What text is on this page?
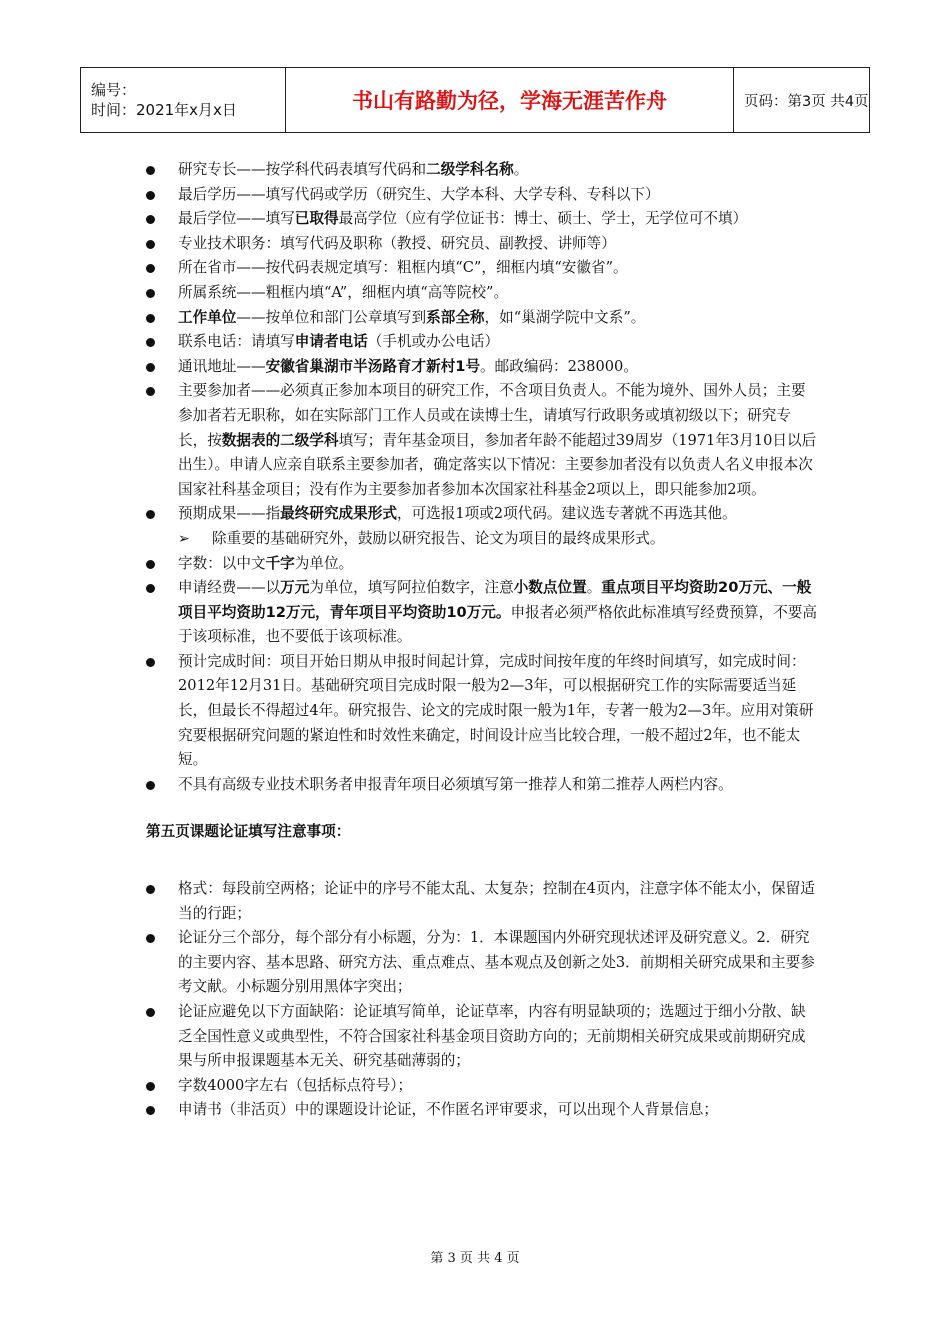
编号：
时间：2021年x月x日	书山有路勤为径，学海无涯苦作舟	页码：第3页 共4页
研究专长——按学科代码表填写代码和二级学科名称。
最后学历——填写代码或学历（研究生、大学本科、大学专科、专科以下）
最后学位——填写已取得最高学位（应有学位证书：博士、硕士、学士，无学位可不填）
专业技术职务：填写代码及职称（教授、研究员、副教授、讲师等）
所在省市——按代码表规定填写：粗框内填“C”，细框内填“安徽省”。
所属系统——粗框内填“A”，细框内填“高等院校”。
工作单位——按单位和部门公章填写到系部全称，如“巢湖学院中文系”。
联系电话：请填写申请者电话（手机或办公电话）
通讯地址——安徽省巢湖市半汤路育才新村1号。邮政编码：238000。
主要参加者——必须真正参加本项目的研究工作，不含项目负责人。不能为境外、国外人员；主要参加者若无职称，如在实际部门工作人员或在读博士生，请填写行政职务或填初级以下；研究专长，按数据表的二级学科填写；青年基金项目，参加者年龄不能超过39周岁（1971年3月10日以后出生）。申请人应亲自联系主要参加者，确定落实以下情况：主要参加者没有以负责人名义申报本次国家社科基金项目；没有作为主要参加者参加本次国家社科基金2项以上，即只能参加2项。
预期成果——指最终研究成果形式，可选报1项或2项代码。建议选专著就不再选其他。
➢ 除重要的基础研究外，鼓励以研究报告、论文为项目的最终成果形式。
字数：以中文千字为单位。
申请经费——以万元为单位，填写阿拉伯数字，注意小数点位置。重点项目平均资助20万元、一般项目平均资助12万元，青年项目平均资助10万元。申报者必须严格依此标准填写经费预算，不要高于该项标准，也不要低于该项标准。
预计完成时间：项目开始日期从申报时间起计算，完成时间按年度的年终时间填写，如完成时间：2012年12月31日。基础研究项目完成时限一般为2—3年，可以根据研究工作的实际需要适当延长，但最长不得超过4年。研究报告、论文的完成时限一般为1年，专著一般为2—3年。应用对策研究要根据研究问题的紧迫性和时效性来确定，时间设计应当比较合理，一般不超过2年，也不能太短。
不具有高级专业技术职务者申报青年项目必须填写第一推荐人和第二推荐人两栏内容。
第五页课题论证填写注意事项：
格式：每段前空两格；论证中的序号不能太乱、太复杂；控制在4页内，注意字体不能太小，保留适当的行距；
论证分三个部分，每个部分有小标题，分为：1．本课题国内外研究现状述评及研究意义。2．研究的主要内容、基本思路、研究方法、重点难点、基本观点及创新之处3．前期相关研究成果和主要参考文献。小标题分别用黑体字突出；
论证应避免以下方面缺陷：论证填写简单，论证草率，内容有明显缺项的；选题过于细小分散、缺乏全国性意义或典型性，不符合国家社科基金项目资助方向的；无前期相关研究成果或前期研究成果与所申报课题基本无关、研究基础薄弱的；
字数4000字左右（包括标点符号）；
申请书（非活页）中的课题设计论证，不作匿名评审要求，可以出现个人背景信息；
第 3 页 共 4 页
